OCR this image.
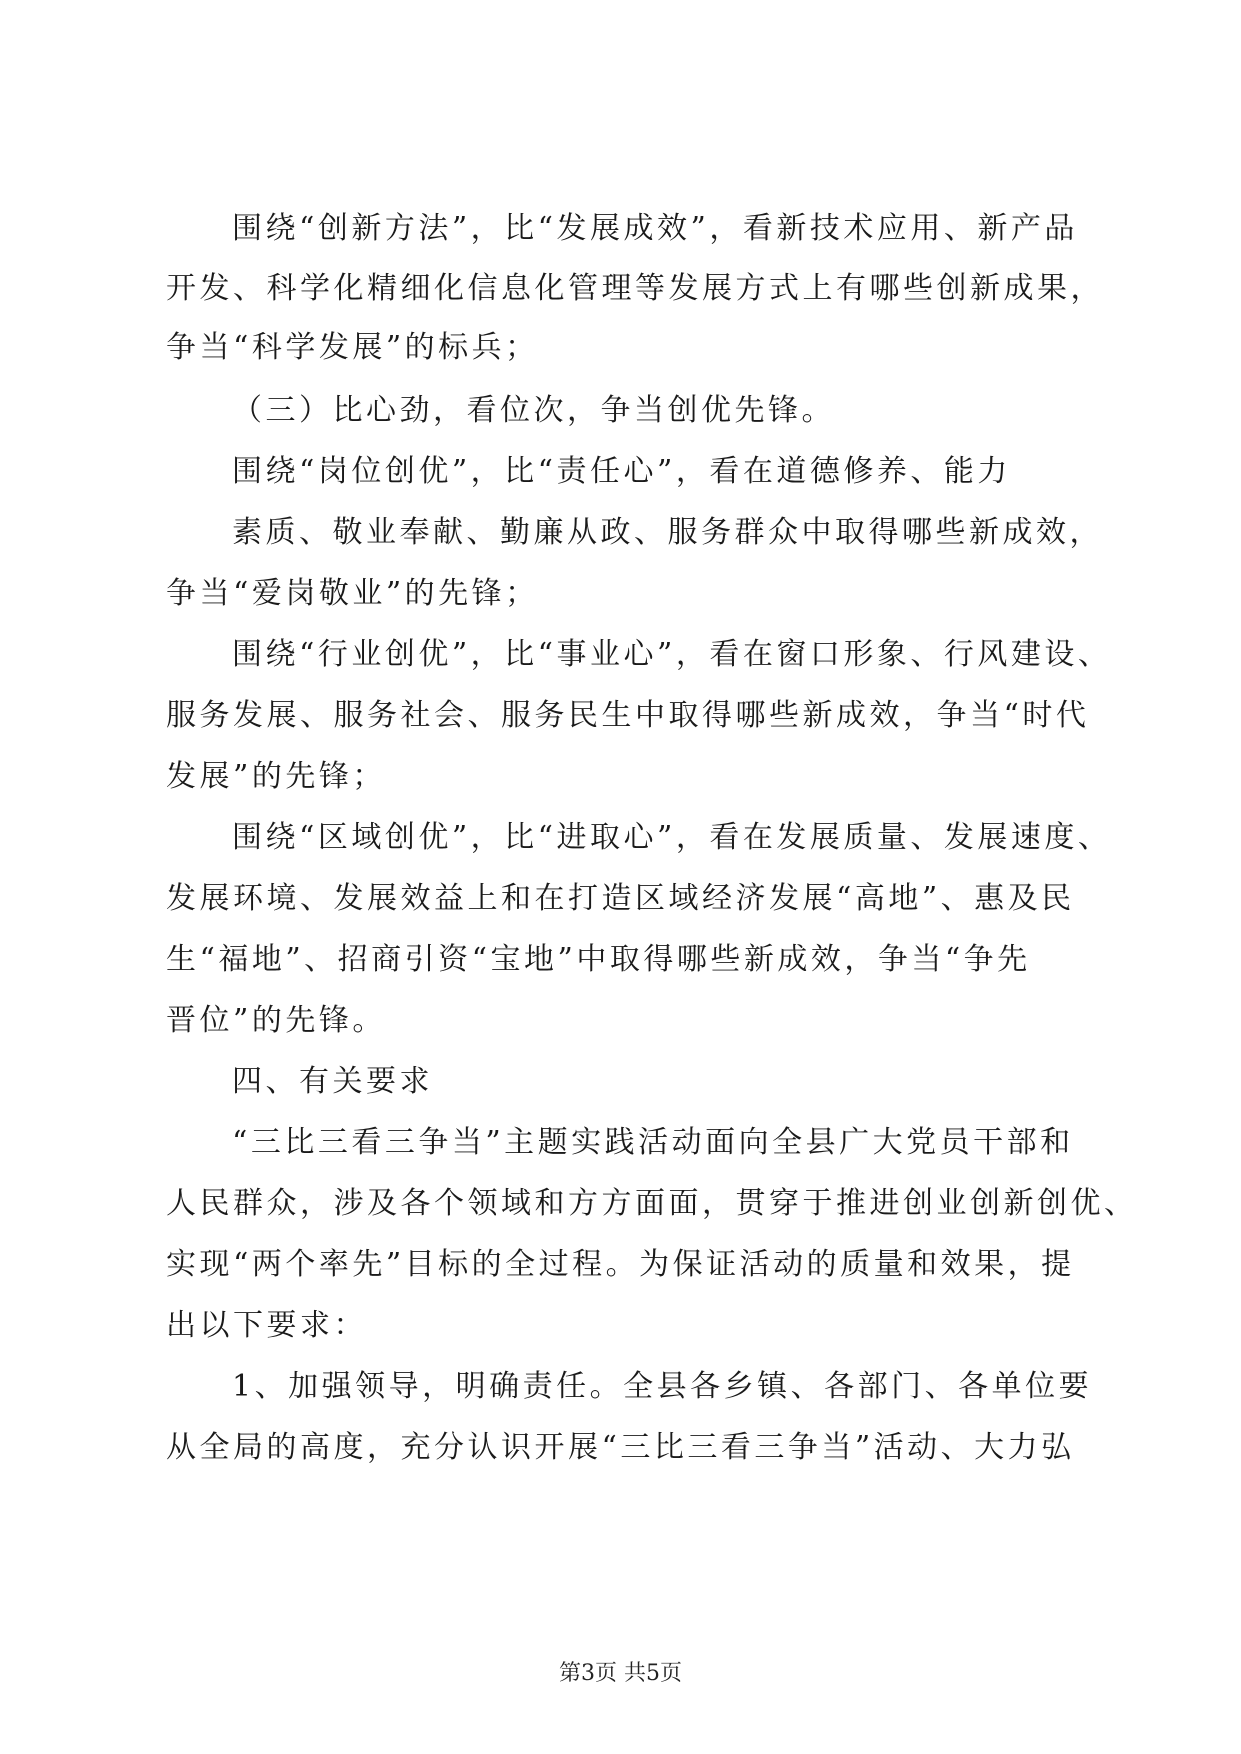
围绕“创新方法”，比“发展成效”，看新技术应用、新产品
开发、科学化精细化信息化管理等发展方式上有哪些创新成果，
争当“科学发展”的标兵；
（三）比心劲，看位次，争当创优先锋。
围绕“岗位创优”，比“责任心”，看在道德修养、能力
素质、敬业奉献、勤廉从政、服务群众中取得哪些新成效，
争当“爱岗敬业”的先锋；
围绕“行业创优”，比“事业心”，看在窗口形象、行风建设、
服务发展、服务社会、服务民生中取得哪些新成效，争当“时代
发展”的先锋；
围绕“区域创优”，比“进取心”，看在发展质量、发展速度、
发展环境、发展效益上和在打造区域经济发展“高地”、惠及民
生“福地”、招商引资“宝地”中取得哪些新成效，争当“争先
晋位”的先锋。
四、有关要求
“三比三看三争当”主题实践活动面向全县广大党员干部和
人民群众，涉及各个领域和方方面面，贯穿于推进创业创新创优、
实现“两个率先”目标的全过程。为保证活动的质量和效果，提
出以下要求：
1、加强领导，明确责任。全县各乡镇、各部门、各单位要
从全局的高度，充分认识开展“三比三看三争当”活动、大力弘
第3页 共5页
